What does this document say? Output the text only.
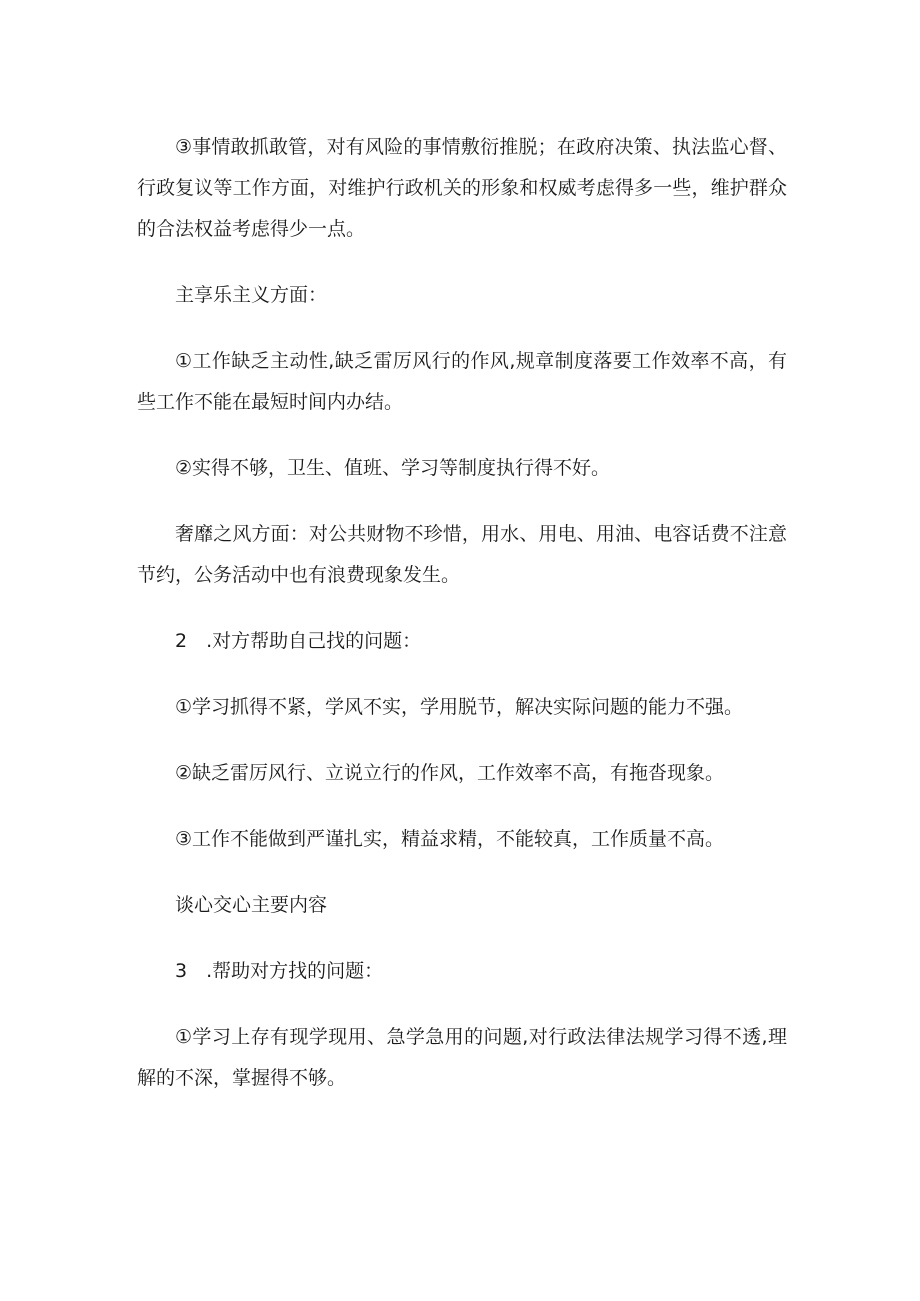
③事情敢抓敢管，对有风险的事情敷衍推脱；在政府决策、执法监心督、行政复议等工作方面，对维护行政机关的形象和权威考虑得多一些，维护群众的合法权益考虑得少一点。

主享乐主义方面：

①工作缺乏主动性,缺乏雷厉风行的作风,规章制度落要工作效率不高，有些工作不能在最短时间内办结。

②实得不够，卫生、值班、学习等制度执行得不好。

奢靡之风方面：对公共财物不珍惜，用水、用电、用油、电容话费不注意节约，公务活动中也有浪费现象发生。

2　.对方帮助自己找的问题：

①学习抓得不紧，学风不实，学用脱节，解决实际问题的能力不强。

②缺乏雷厉风行、立说立行的作风，工作效率不高，有拖沓现象。

③工作不能做到严谨扎实，精益求精，不能较真，工作质量不高。

谈心交心主要内容

3　.帮助对方找的问题：

①学习上存有现学现用、急学急用的问题,对行政法律法规学习得不透,理解的不深，掌握得不够。
